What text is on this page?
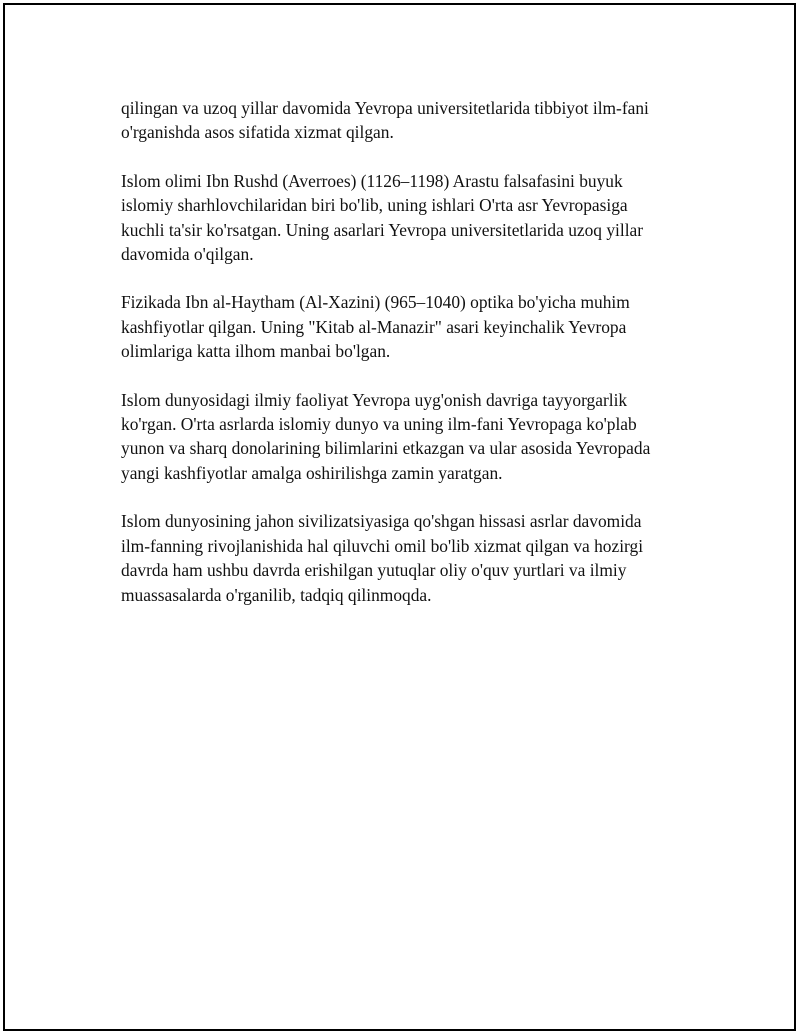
qilingan va uzoq yillar davomida Yevropa universitetlarida tibbiyot ilm-fani
o'rganishda asos sifatida xizmat qilgan.

Islom olimi Ibn Rushd (Averroes) (1126–1198) Arastu falsafasini buyuk
islomiy sharhlovchilaridan biri bo'lib, uning ishlari O'rta asr Yevropasiga
kuchli ta'sir ko'rsatgan. Uning asarlari Yevropa universitetlarida uzoq yillar
davomida o'qilgan.

Fizikada Ibn al-Haytham (Al-Xazini) (965–1040) optika bo'yicha muhim
kashfiyotlar qilgan. Uning "Kitab al-Manazir" asari keyinchalik Yevropa
olimlariga katta ilhom manbai bo'lgan.

Islom dunyosidagi ilmiy faoliyat Yevropa uyg'onish davriga tayyorgarlik
ko'rgan. O'rta asrlarda islomiy dunyo va uning ilm-fani Yevropaga ko'plab
yunon va sharq donolarining bilimlarini etkazgan va ular asosida Yevropada
yangi kashfiyotlar amalga oshirilishga zamin yaratgan.

Islom dunyosining jahon sivilizatsiyasiga qo'shgan hissasi asrlar davomida
ilm-fanning rivojlanishida hal qiluvchi omil bo'lib xizmat qilgan va hozirgi
davrda ham ushbu davrda erishilgan yutuqlar oliy o'quv yurtlari va ilmiy
muassasalarda o'rganilib, tadqiq qilinmoqda.
